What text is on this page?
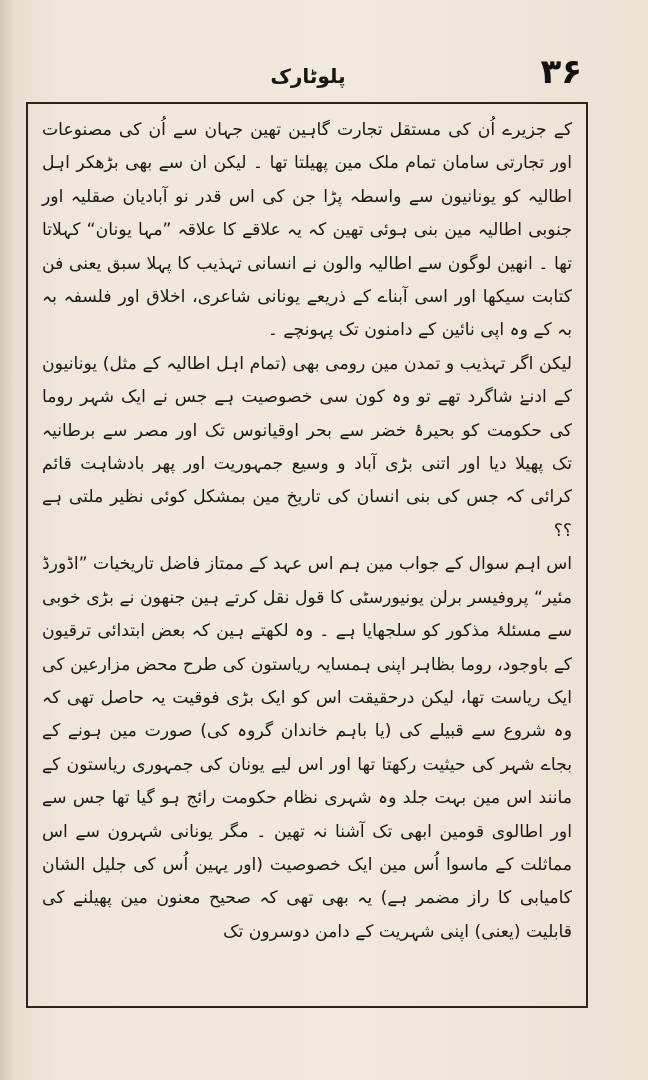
۳۶
پلوٹارک

کے جزیرے اُن کی مستقل تجارت گاہین تھین جہان سے اُن کی مصنوعات اور تجارتی سامان تمام ملک مین پھیلتا تھا ۔ لیکن ان سے بھی بڑھکر اہل اطالیہ کو یونانیون سے واسطہ پڑا جن کی اس قدر نو آبادیان صقلیہ اور جنوبی اطالیہ مین بنی ہوئی تھین کہ یہ علاقے کا علاقہ ”مہا یونان“ کہلاتا تھا ۔ انھین لوگون سے اطالیہ والون نے انسانی تہذیب کا پہلا سبق یعنی فن کتابت سیکھا اور اسی آبناے کے ذریعے یونانی شاعری، اخلاق اور فلسفہ بہ بہ کے وہ اپی نائین کے دامنون تک پہونچے ۔

لیکن اگر تہذیب و تمدن مین رومی بھی (تمام اہل اطالیہ کے مثل) یونانیون کے ادنےٰ شاگرد تھے تو وہ کون سی خصوصیت ہے جس نے ایک شہر روما کی حکومت کو بحیرۂ خضر سے بحر اوقیانوس تک اور مصر سے برطانیہ تک پھیلا دیا اور اتنی بڑی آباد و وسیع جمہوریت اور پھر بادشاہت قائم کرائی کہ جس کی بنی انسان کی تاریخ مین بمشکل کوئی نظیر ملتی ہے ؟؟

اس اہم سوال کے جواب مین ہم اس عہد کے ممتاز فاضل تاریخیات ”اڈورڈ مئیر“ پروفیسر برلن یونیورسٹی کا قول نقل کرتے ہین جنھون نے بڑی خوبی سے مسئلۂ مذکور کو سلجھایا ہے ۔ وہ لکھتے ہین کہ بعض ابتدائی ترقیون کے باوجود، روما بظاہر اپنی ہمسایہ ریاستون کی طرح محض مزارعین کی ایک ریاست تھا، لیکن درحقیقت اس کو ایک بڑی فوقیت یہ حاصل تھی کہ وہ شروع سے قبیلے کی (یا باہم خاندان گروہ کی) صورت مین ہونے کے بجاے شہر کی حیثیت رکھتا تھا اور اس لیے یونان کی جمہوری ریاستون کے مانند اس مین بہت جلد وہ شہری نظام حکومت رائج ہو گیا تھا جس سے اور اطالوی قومین ابھی تک آشنا نہ تھین ۔ مگر یونانی شہرون سے اس مماثلت کے ماسوا اُس مین ایک خصوصیت (اور یہین اُس کی جلیل الشان کامیابی کا راز مضمر ہے) یہ بھی تھی کہ صحیح معنون مین پھیلنے کی قابلیت (یعنی) اپنی شہریت کے دامن دوسرون تک
